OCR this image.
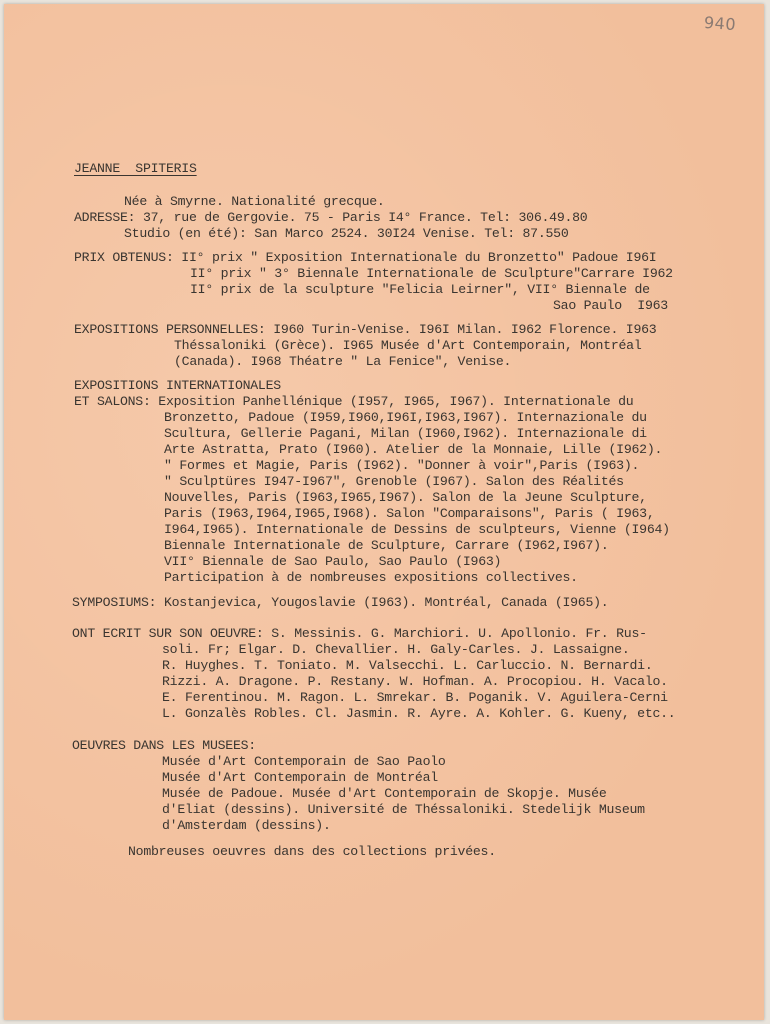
940

JEANNE  SPITERIS

Née à Smyrne. Nationalité grecque.

ADRESSE: 37, rue de Gergovie. 75 - Paris I4° France. Tel: 306.49.80

Studio (en été): San Marco 2524. 30I24 Venise. Tel: 87.550

PRIX OBTENUS: II° prix " Exposition Internationale du Bronzetto" Padoue I96I

II° prix " 3° Biennale Internationale de Sculpture"Carrare I962

II° prix de la sculpture "Felicia Leirner", VII° Biennale de

Sao Paulo  I963

EXPOSITIONS PERSONNELLES: I960 Turin-Venise. I96I Milan. I962 Florence. I963

Théssaloniki (Grèce). I965 Musée d'Art Contemporain, Montréal

(Canada). I968 Théatre " La Fenice", Venise.

EXPOSITIONS INTERNATIONALES

ET SALONS: Exposition Panhellénique (I957, I965, I967). Internationale du

Bronzetto, Padoue (I959,I960,I96I,I963,I967). Internazionale du

Scultura, Gellerie Pagani, Milan (I960,I962). Internazionale di

Arte Astratta, Prato (I960). Atelier de la Monnaie, Lille (I962).

" Formes et Magie, Paris (I962). "Donner à voir",Paris (I963).

" Sculptüres I947-I967", Grenoble (I967). Salon des Réalités

Nouvelles, Paris (I963,I965,I967). Salon de la Jeune Sculpture,

Paris (I963,I964,I965,I968). Salon "Comparaisons", Paris ( I963,

I964,I965). Internationale de Dessins de sculpteurs, Vienne (I964)

Biennale Internationale de Sculpture, Carrare (I962,I967).

VII° Biennale de Sao Paulo, Sao Paulo (I963)

Participation à de nombreuses expositions collectives.

SYMPOSIUMS: Kostanjevica, Yougoslavie (I963). Montréal, Canada (I965).

ONT ECRIT SUR SON OEUVRE: S. Messinis. G. Marchiori. U. Apollonio. Fr. Rus-

soli. Fr; Elgar. D. Chevallier. H. Galy-Carles. J. Lassaigne.

R. Huyghes. T. Toniato. M. Valsecchi. L. Carluccio. N. Bernardi.

Rizzi. A. Dragone. P. Restany. W. Hofman. A. Procopiou. H. Vacalo.

E. Ferentinou. M. Ragon. L. Smrekar. B. Poganik. V. Aguilera-Cerni

L. Gonzalès Robles. Cl. Jasmin. R. Ayre. A. Kohler. G. Kueny, etc..

OEUVRES DANS LES MUSEES:

Musée d'Art Contemporain de Sao Paolo

Musée d'Art Contemporain de Montréal

Musée de Padoue. Musée d'Art Contemporain de Skopje. Musée

d'Eliat (dessins). Université de Théssaloniki. Stedelijk Museum

d'Amsterdam (dessins).

Nombreuses oeuvres dans des collections privées.
